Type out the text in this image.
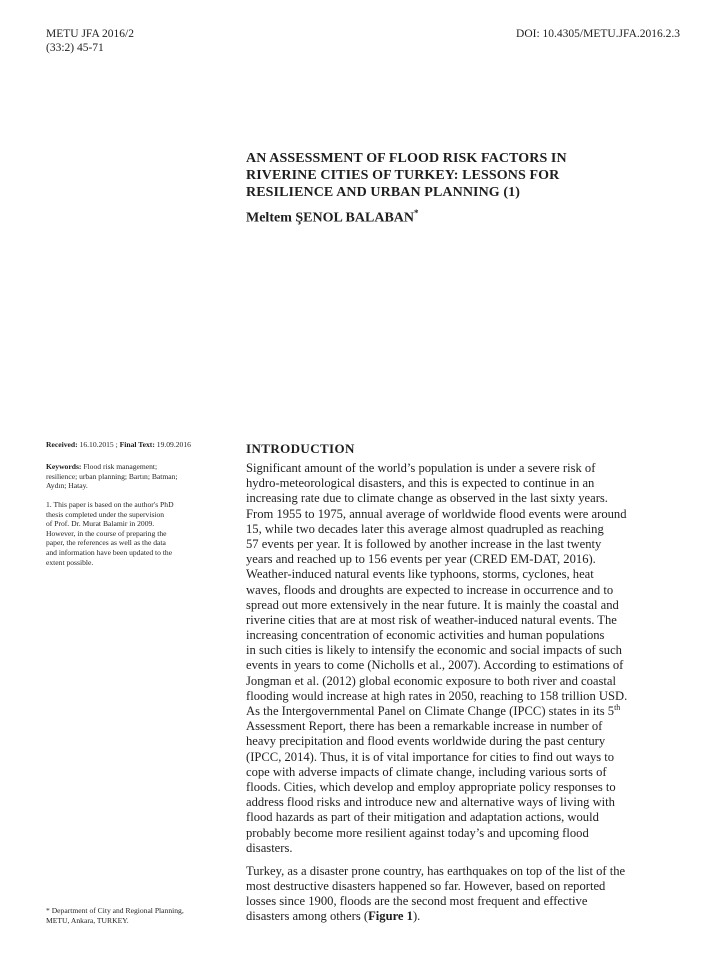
METU JFA 2016/2
(33:2) 45-71
DOI: 10.4305/METU.JFA.2016.2.3
AN ASSESSMENT OF FLOOD RISK FACTORS IN
RIVERINE CITIES OF TURKEY: LESSONS FOR
RESILIENCE AND URBAN PLANNING (1)
Meltem ŞENOL BALABAN*
Received: 16.10.2015 ; Final Text: 19.09.2016
Keywords: Flood risk management;
resilience; urban planning; Bartın; Batman;
Aydın; Hatay.
1. This paper is based on the author's PhD
thesis completed under the supervision
of Prof. Dr. Murat Balamir in 2009.
However, in the course of preparing the
paper, the references as well as the data
and information have been updated to the
extent possible.
* Department of City and Regional Planning,
METU, Ankara, TURKEY.
INTRODUCTION
Significant amount of the world’s population is under a severe risk of
hydro-meteorological disasters, and this is expected to continue in an
increasing rate due to climate change as observed in the last sixty years.
From 1955 to 1975, annual average of worldwide flood events were around
15, while two decades later this average almost quadrupled as reaching
57 events per year. It is followed by another increase in the last twenty
years and reached up to 156 events per year (CRED EM-DAT, 2016).
Weather-induced natural events like typhoons, storms, cyclones, heat
waves, floods and droughts are expected to increase in occurrence and to
spread out more extensively in the near future. It is mainly the coastal and
riverine cities that are at most risk of weather-induced natural events. The
increasing concentration of economic activities and human populations
in such cities is likely to intensify the economic and social impacts of such
events in years to come (Nicholls et al., 2007). According to estimations of
Jongman et al. (2012) global economic exposure to both river and coastal
flooding would increase at high rates in 2050, reaching to 158 trillion USD.
As the Intergovernmental Panel on Climate Change (IPCC) states in its 5th
Assessment Report, there has been a remarkable increase in number of
heavy precipitation and flood events worldwide during the past century
(IPCC, 2014). Thus, it is of vital importance for cities to find out ways to
cope with adverse impacts of climate change, including various sorts of
floods. Cities, which develop and employ appropriate policy responses to
address flood risks and introduce new and alternative ways of living with
flood hazards as part of their mitigation and adaptation actions, would
probably become more resilient against today’s and upcoming flood
disasters.
Turkey, as a disaster prone country, has earthquakes on top of the list of the
most destructive disasters happened so far. However, based on reported
losses since 1900, floods are the second most frequent and effective
disasters among others (Figure 1).
